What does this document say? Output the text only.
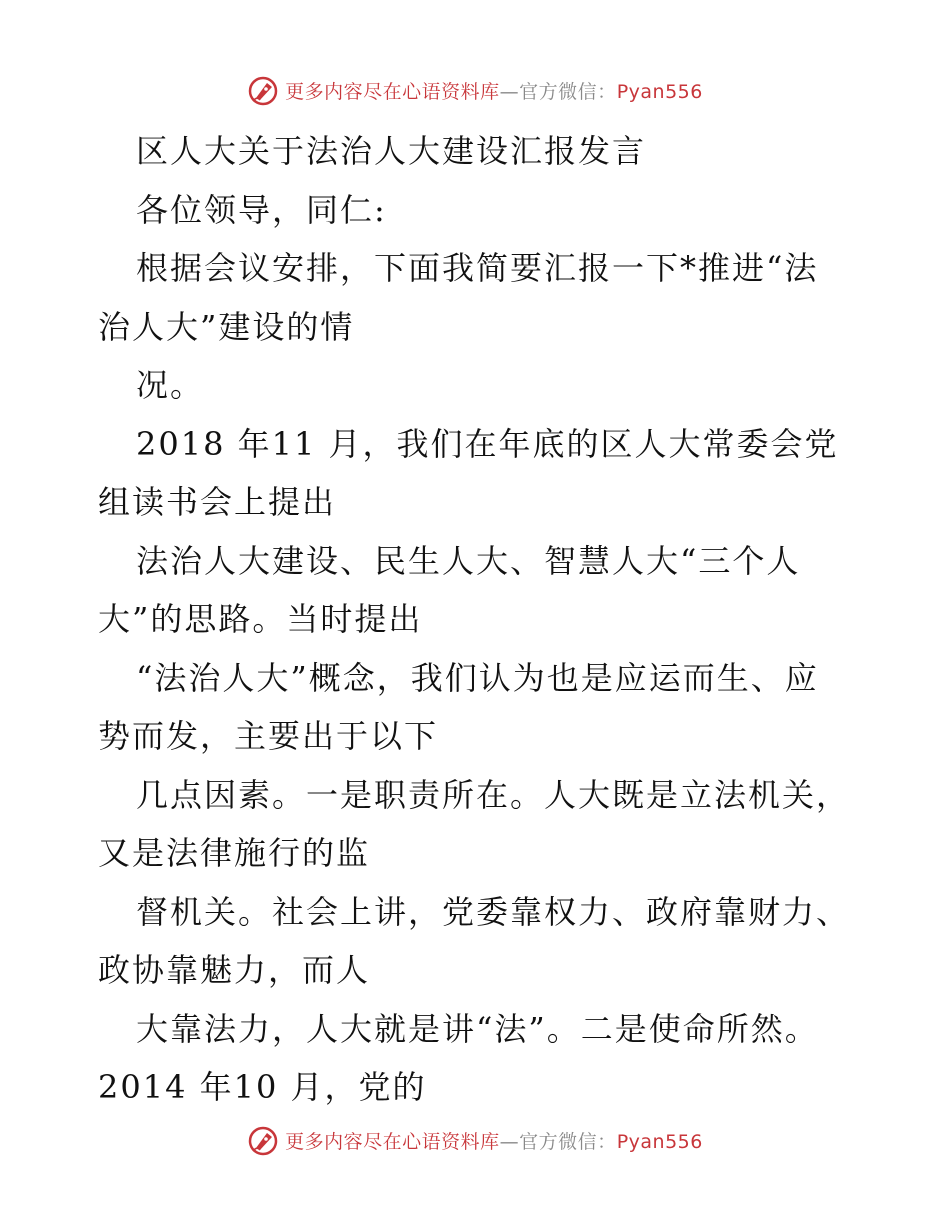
更多内容尽在心语资料库—官方微信：Pyan556
区人大关于法治人大建设汇报发言
各位领导，同仁:
根据会议安排，下面我简要汇报一下*推进“法
治人大”建设的情
况。
2018 年11 月，我们在年底的区人大常委会党
组读书会上提出
法治人大建设、民生人大、智慧人大“三个人
大”的思路。当时提出
“法治人大”概念，我们认为也是应运而生、应
势而发，主要出于以下
几点因素。一是职责所在。人大既是立法机关，
又是法律施行的监
督机关。社会上讲，党委靠权力、政府靠财力、
政协靠魅力，而人
大靠法力，人大就是讲“法”。二是使命所然。
2014 年10 月，党的
更多内容尽在心语资料库—官方微信：Pyan556
